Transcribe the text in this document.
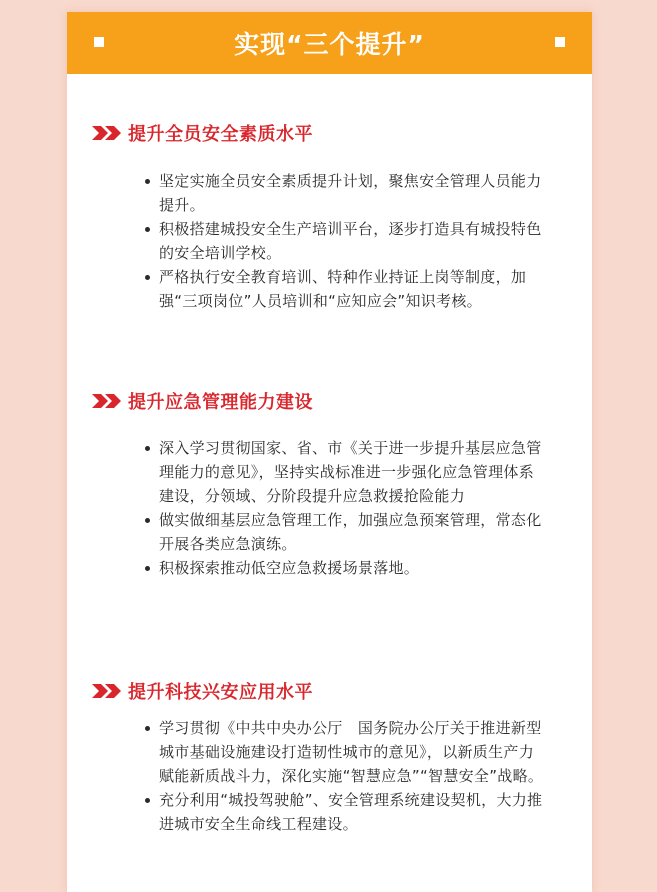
实现“三个提升”
提升全员安全素质水平
坚定实施全员安全素质提升计划，聚焦安全管理人员能力提升。
积极搭建城投安全生产培训平台，逐步打造具有城投特色的安全培训学校。
严格执行安全教育培训、特种作业持证上岗等制度，加强“三项岗位”人员培训和“应知应会”知识考核。
提升应急管理能力建设
深入学习贯彻国家、省、市《关于进一步提升基层应急管理能力的意见》，坚持实战标准进一步强化应急管理体系建设，分领域、分阶段提升应急救援抢险能力
做实做细基层应急管理工作，加强应急预案管理，常态化开展各类应急演练。
积极探索推动低空应急救援场景落地。
提升科技兴安应用水平
学习贯彻《中共中央办公厅　国务院办公厅关于推进新型城市基础设施建设打造韧性城市的意见》，以新质生产力赋能新质战斗力，深化实施“智慧应急”“智慧安全”战略。
充分利用“城投驾驶舱”、安全管理系统建设契机，大力推进城市安全生命线工程建设。
